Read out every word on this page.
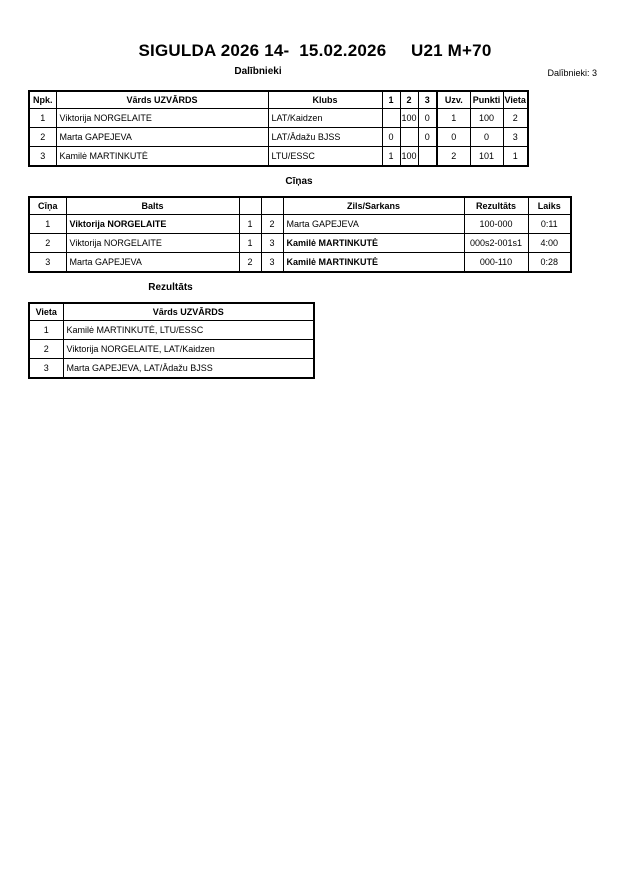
SIGULDA 2026 14-  15.02.2026     U21 M+70
Dalībnieki	Dalībnieki: 3
Npk.	Vārds UZVĀRDS	Klubs	1	2	3	Uzv.	Punkti	Vieta
1	Viktorija NORGELAITE	LAT/Kaidzen		100	0	1	100	2
2	Marta GAPEJEVA	LAT/Ādažu BJSS	0		0	0	0	3
3	Kamilė MARTINKUTĖ	LTU/ESSC	1	100		2	101	1
Cīņas
Cīņa	Balts			Zils/Sarkans	Rezultāts	Laiks
1	Viktorija NORGELAITE	1	2	Marta GAPEJEVA	100-000	0:11
2	Viktorija NORGELAITE	1	3	Kamilė MARTINKUTĖ	000s2-001s1	4:00
3	Marta GAPEJEVA	2	3	Kamilė MARTINKUTĖ	000-110	0:28
Rezultāts
Vieta	Vārds UZVĀRDS
1	Kamilė MARTINKUTĖ, LTU/ESSC
2	Viktorija NORGELAITE, LAT/Kaidzen
3	Marta GAPEJEVA, LAT/Ādažu BJSS
